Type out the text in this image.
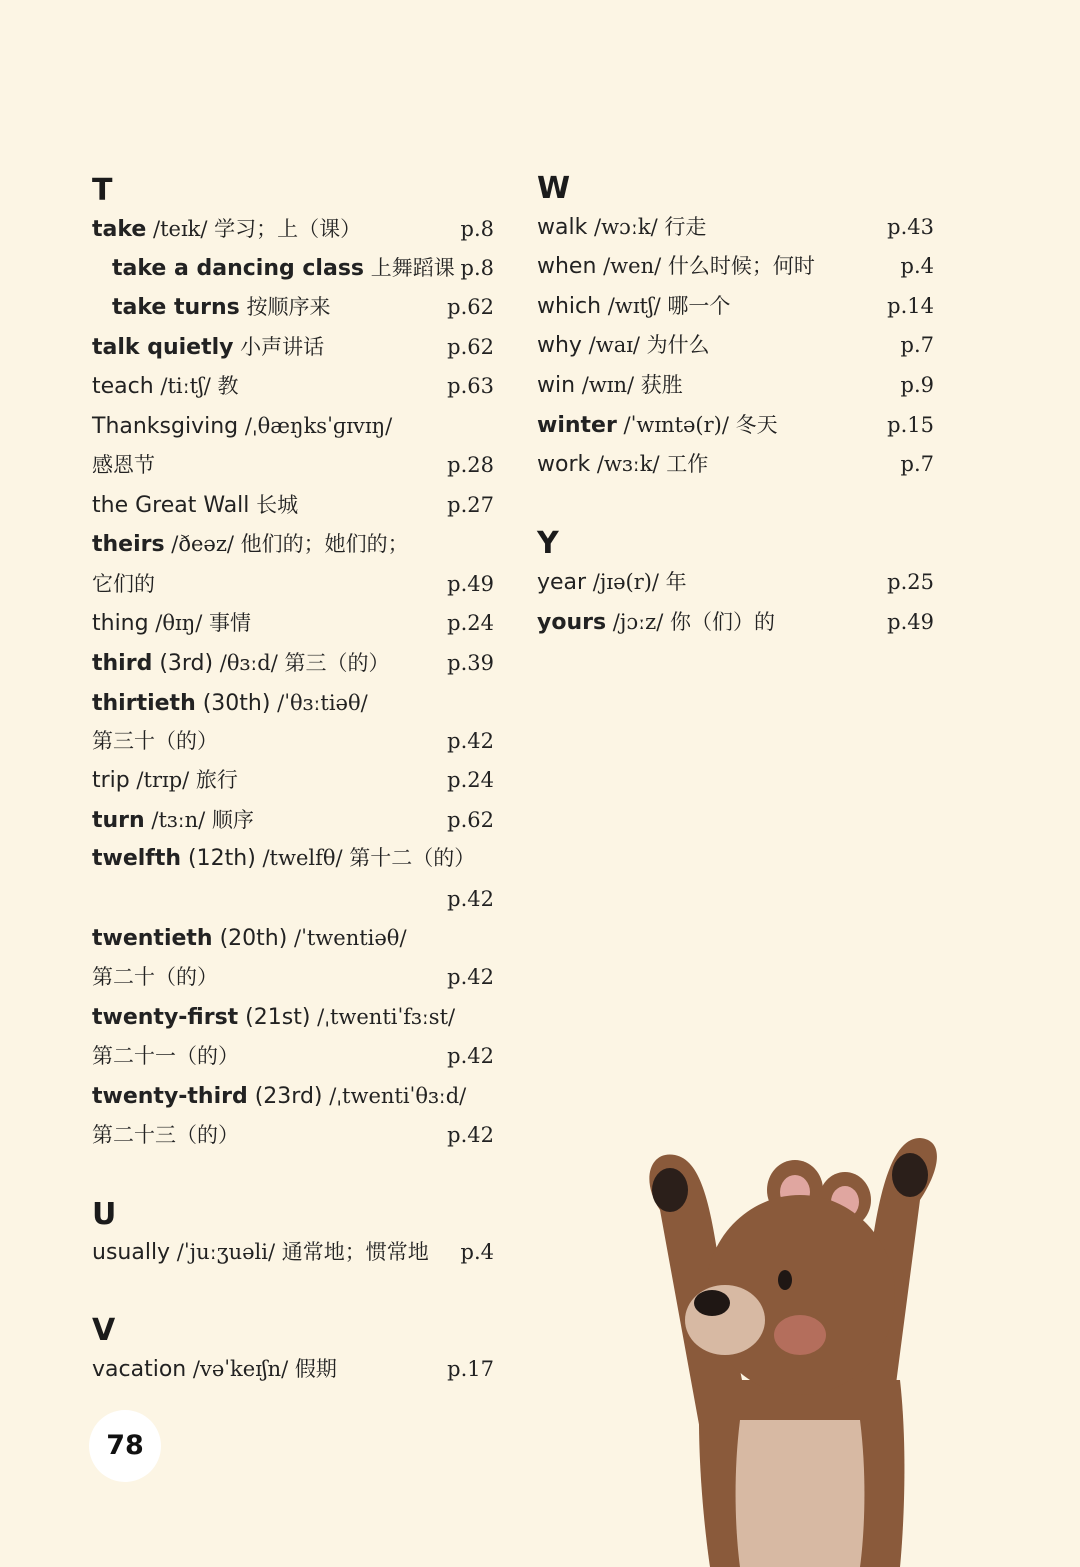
T
take /teɪk/ 学习；上（课）	p.8
take a dancing class 上舞蹈课 p.8
take turns 按顺序来	p.62
talk quietly 小声讲话	p.62
teach /tiːtʃ/ 教	p.63
Thanksgiving /ˌθæŋksˈɡɪvɪŋ/
感恩节	p.28
the Great Wall 长城	p.27
theirs /ðeəz/ 他们的；她们的；
它们的	p.49
thing /θɪŋ/ 事情	p.24
third (3rd) /θɜːd/ 第三（的）	p.39
thirtieth (30th) /ˈθɜːtiəθ/
第三十（的）	p.42
trip /trɪp/ 旅行	p.24
turn /tɜːn/ 顺序	p.62
twelfth (12th) /twelfθ/ 第十二（的）
p.42
twentieth (20th) /ˈtwentiəθ/
第二十（的）	p.42
twenty-first (21st) /ˌtwentiˈfɜːst/
第二十一（的）	p.42
twenty-third (23rd) /ˌtwentiˈθɜːd/
第二十三（的）	p.42
U
usually /ˈjuːʒuəli/ 通常地；惯常地 p.4
V
vacation /vəˈkeɪʃn/ 假期	p.17
W
walk /wɔːk/ 行走	p.43
when /wen/ 什么时候；何时	p.4
which /wɪtʃ/ 哪一个	p.14
why /waɪ/ 为什么	p.7
win /wɪn/ 获胜	p.9
winter /ˈwɪntə(r)/ 冬天	p.15
work /wɜːk/ 工作	p.7
Y
year /jɪə(r)/ 年	p.25
yours /jɔːz/ 你（们）的	p.49
78
